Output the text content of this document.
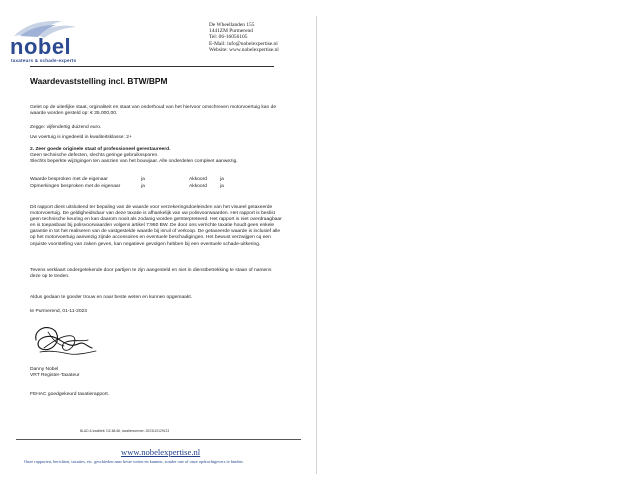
nobel
taxateurs & schade-experts
De Wheellanden 155
1441ZM Purmerend
Tel: 06-16056105
E-Mail: info@nobelexpertise.nl
Website: www.nobelexpertise.nl
Waardevaststelling incl. BTW/BPM
Gelet op de uiterlijke staat, orginaliteit en staat van onderhoud van het hiervoor omschreven motorvoertuig kan de
waarde worden gesteld op: € 35.000,00.
Zegge: vijfendertig duizend euro.
Uw voertuig is ingedeeld in kwaliteitsklasse: 2+
2. Zeer goede originele staat of professioneel gerestaureerd.
Geen technische defecten, slechts geringe gebruikssporen.
Slechts beperkte wijzigingen ten aanzien van het bouwjaar. Alle onderdelen compleet aanwezig.
Waarde besproken met de eigenaar	ja	Akkoord	ja
Opmerkingen besproken met de eigenaar	ja	Akkoord	ja
Dit rapport dient uitsluitend ter bepaling van de waarde voor verzekeringsdoeleinden van het visueel getaxeerde
motorvoertuig. De geldigheidsduur van deze taxatie is afhankelijk van uw polisvoorwaarden. Het rapport is beslist
geen technische keuring en kan daarom nooit als zodanig worden geïnterpreteerd. Het rapport is niet overdraagbaar
en is toepasbaar bij polisvoorwaarden volgens artikel 7:960 BW. De door ons verrichte taxatie houdt geen enkele
garantie in tot het realiseren van de vastgestelde waarde bij inruil of verkoop. De getaxeerde waarde is inclusief alle
op het motorvoertuig aanwezig zijnde accessoires en eventuele beschadigingen. Het bewust verzwijgen cq een
onjuiste voorstelling van zaken geven, kan negatieve gevolgen hebben bij een eventuele schade-uitkering.
Tevens verklaart ondergetekende door partijen te zijn aangesteld en niet in dienstbetrekking te staan of namens
deze op te treden.
Aldus gedaan te goeder trouw en naar beste weten en kunnen opgemaakt.
te Purmerend, 01-11-2023
Danny Nobel
VRT Register-Taxateur
FEHAC goedgekeurd taxatierapport.
BLAD & kwaliteit: DZ-68-66, taxatienummer: 2023110129123
www.nobelexpertise.nl
Onze rapporten, berichten, taxaties, etc. geschieden naar beste weten en kunnen, zonder one of onze opdrachtgevers te binden.
